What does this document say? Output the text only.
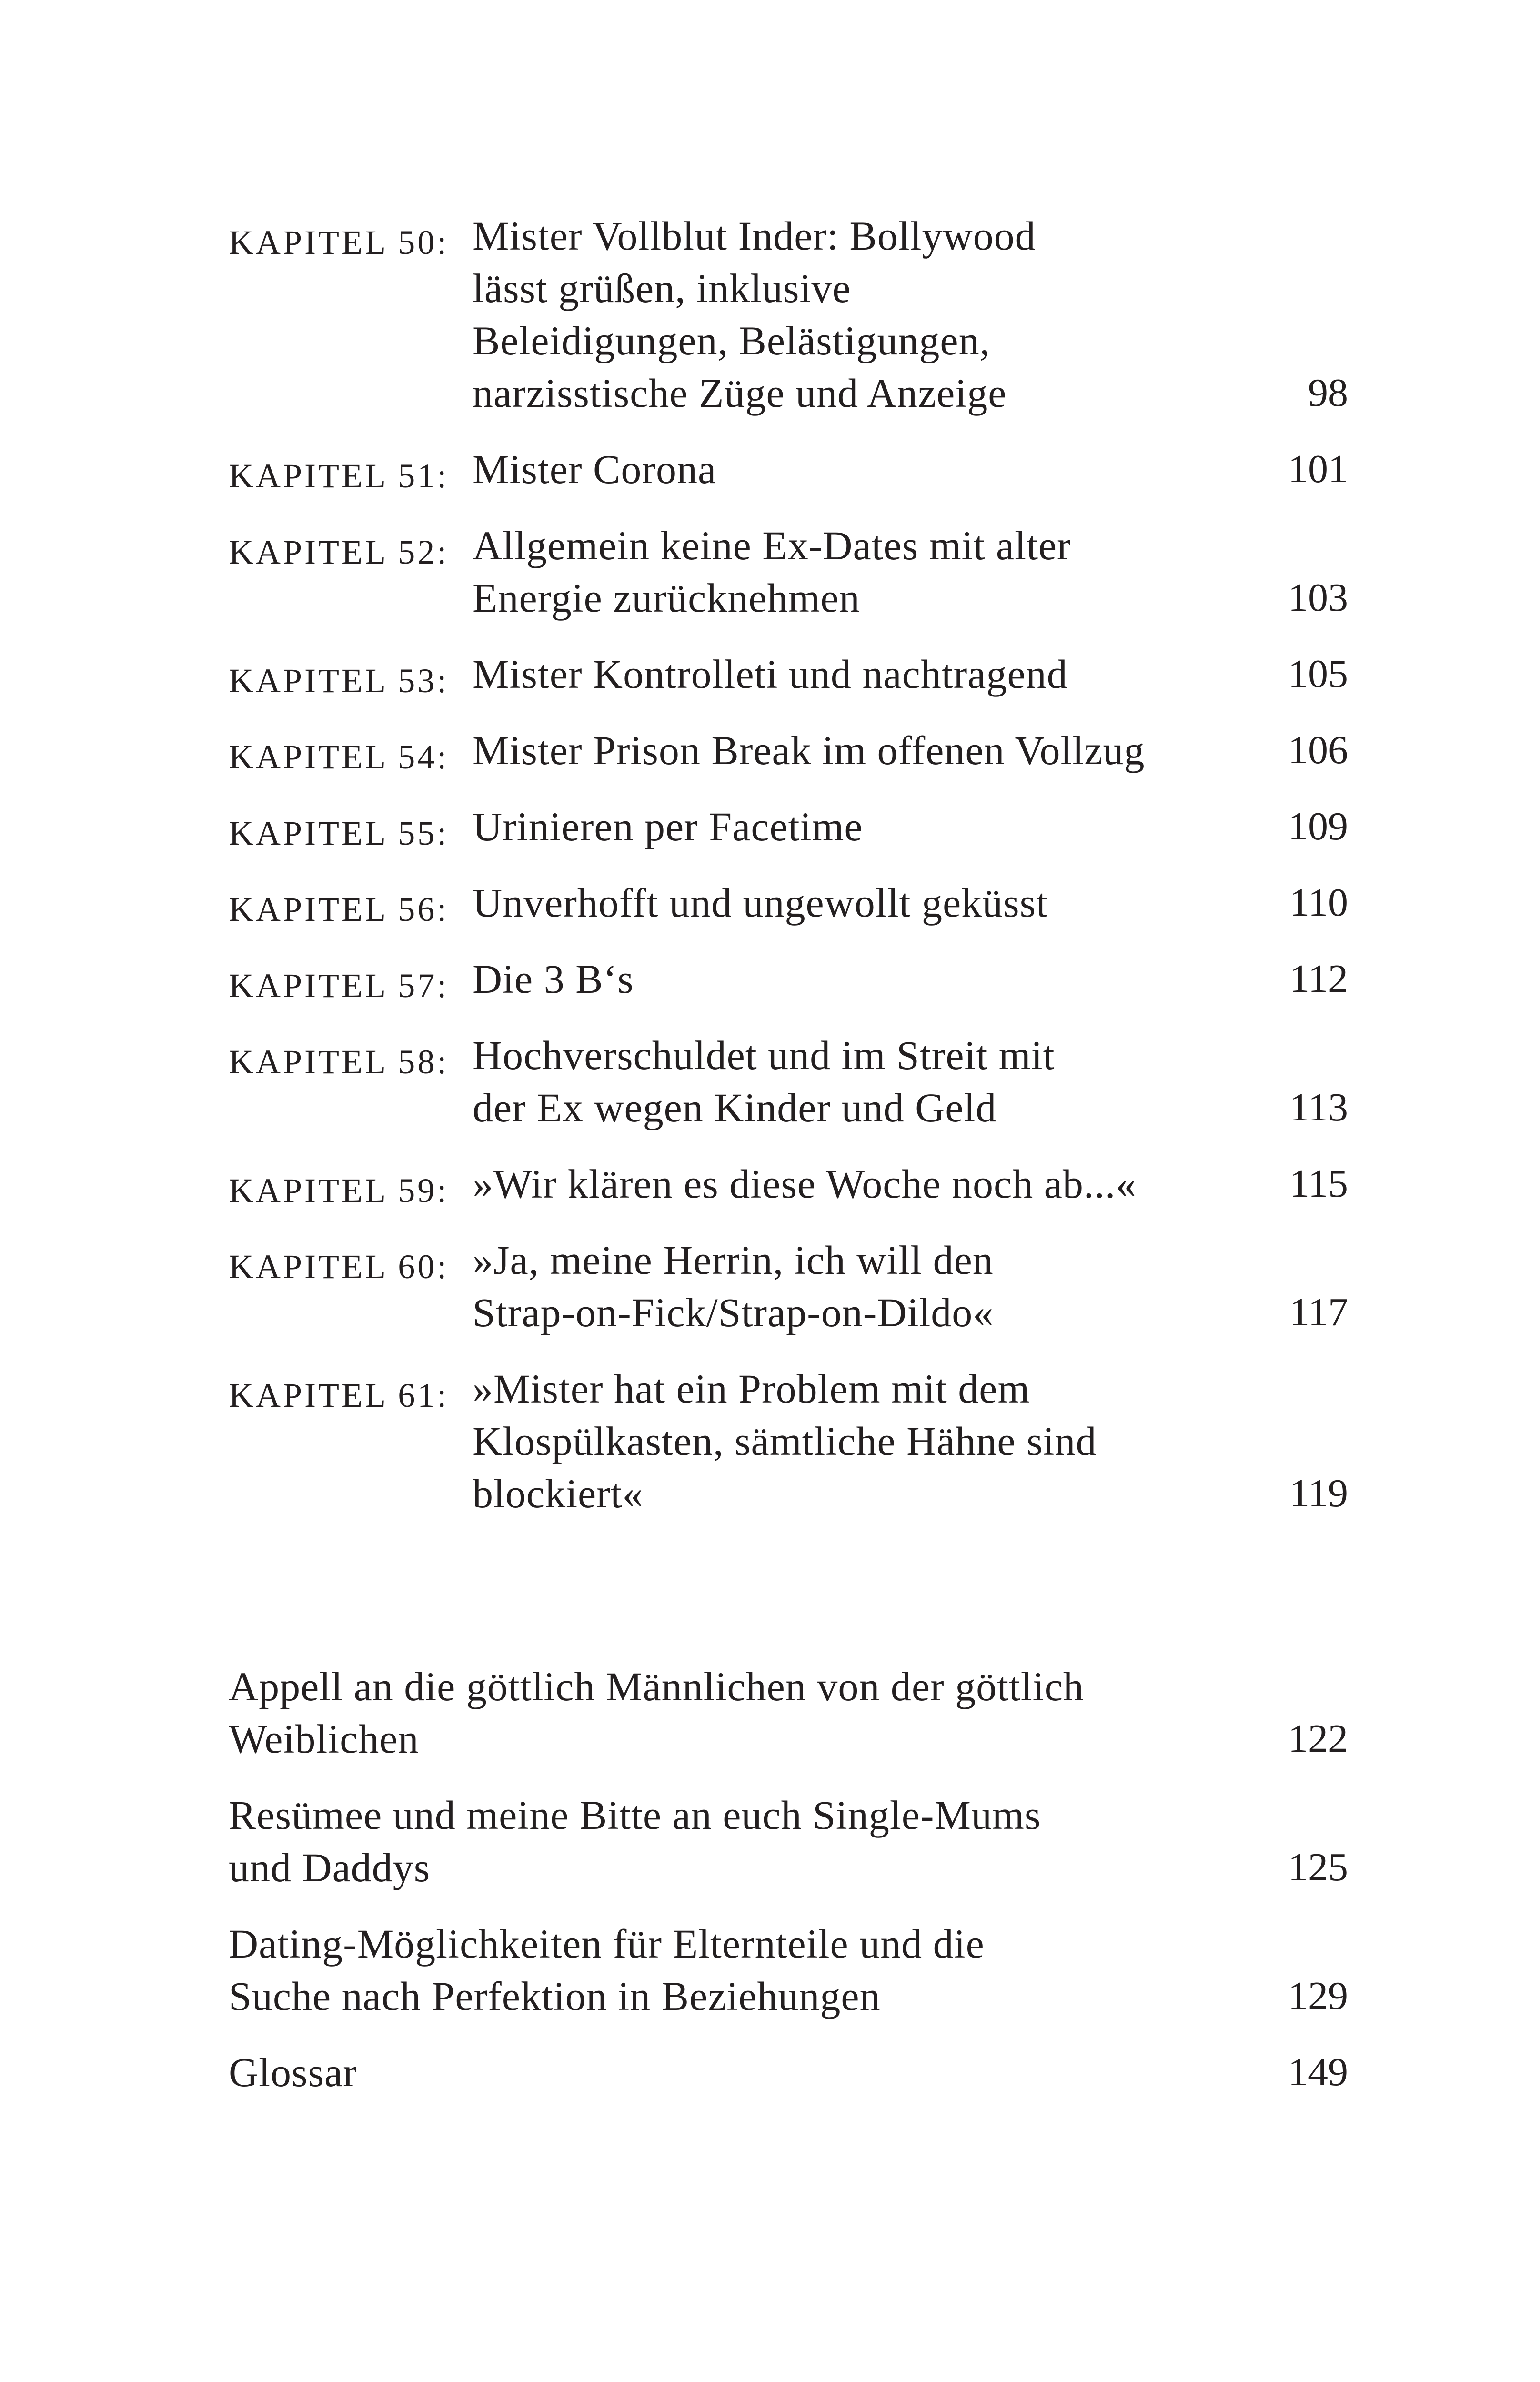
KAPITEL 50: Mister Vollblut Inder: Bollywood
lässt grüßen, inklusive
Beleidigungen, Belästigungen,
narzisstische Züge und Anzeige	98
KAPITEL 51: Mister Corona	101
KAPITEL 52: Allgemein keine Ex-Dates mit alter
Energie zurücknehmen	103
KAPITEL 53: Mister Kontrolleti und nachtragend	105
KAPITEL 54: Mister Prison Break im offenen Vollzug	106
KAPITEL 55: Urinieren per Facetime	109
KAPITEL 56: Unverhofft und ungewollt geküsst	110
KAPITEL 57: Die 3 B‘s	112
KAPITEL 58: Hochverschuldet und im Streit mit
der Ex wegen Kinder und Geld	113
KAPITEL 59: »Wir klären es diese Woche noch ab...«	115
KAPITEL 60: »Ja, meine Herrin, ich will den
Strap-on-Fick/Strap-on-Dildo«	117
KAPITEL 61: »Mister hat ein Problem mit dem
Klospülkasten, sämtliche Hähne sind
blockiert«	119
Appell an die göttlich Männlichen von der göttlich
Weiblichen	122
Resümee und meine Bitte an euch Single-Mums
und Daddys	125
Dating-Möglichkeiten für Elternteile und die
Suche nach Perfektion in Beziehungen	129
Glossar	149
